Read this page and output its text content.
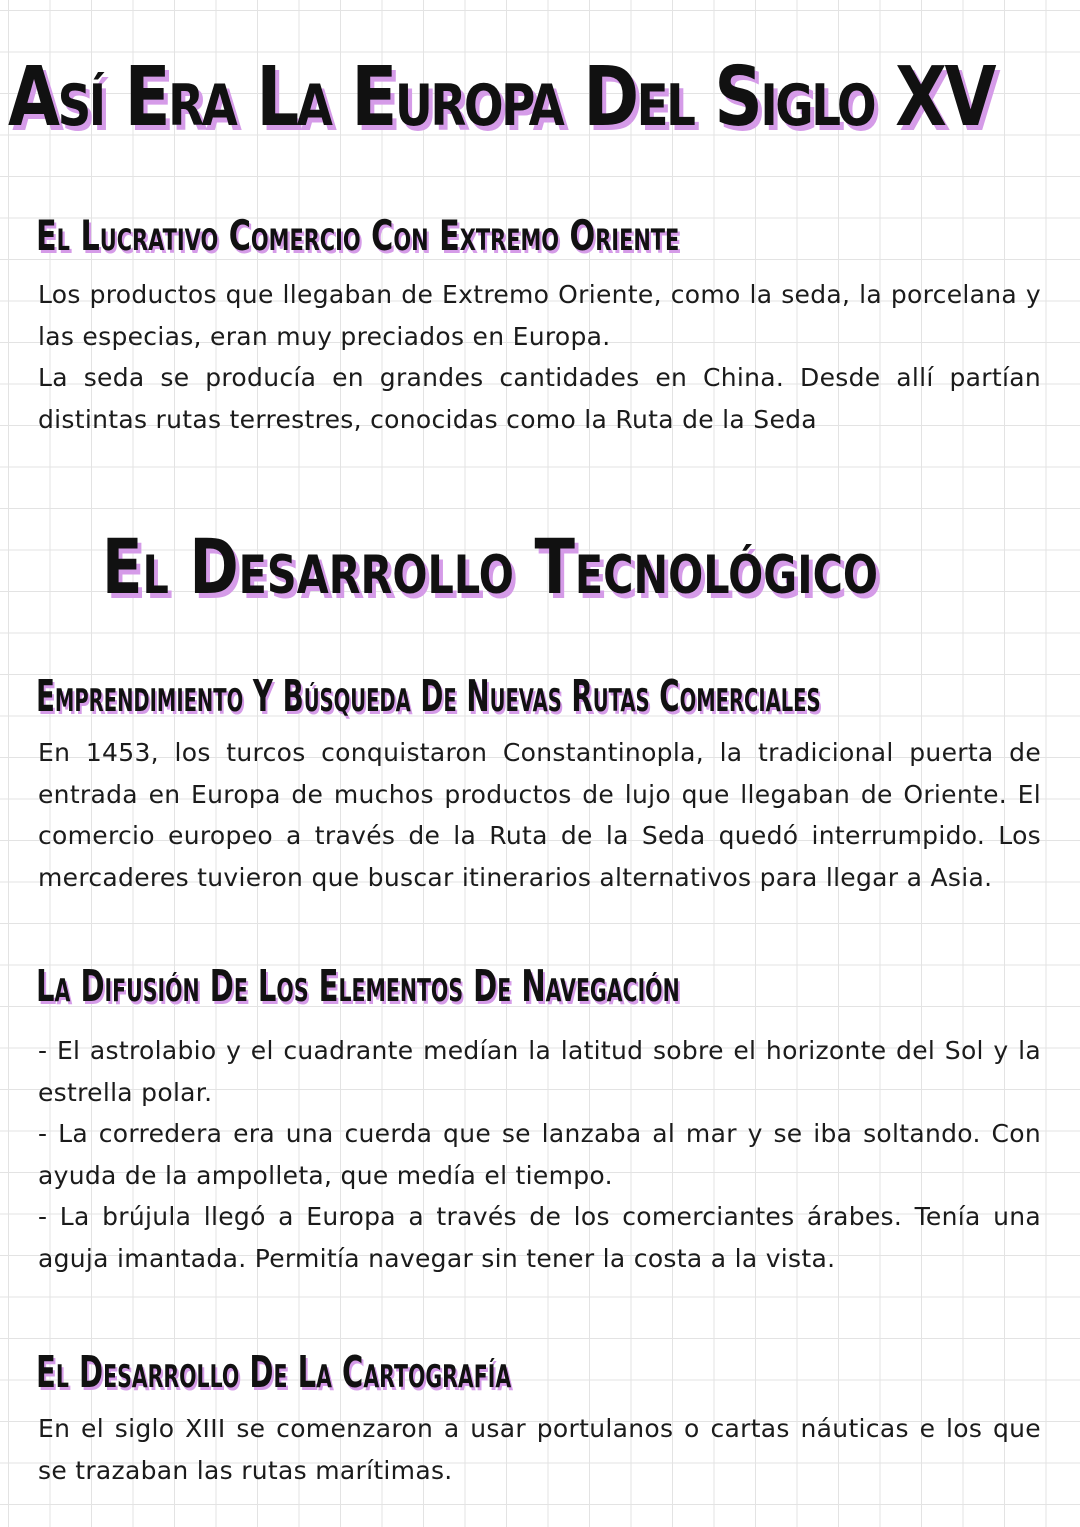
Así Era La Europa Del Siglo XV
El Lucrativo Comercio Con Extremo Oriente

Los productos que llegaban de Extremo Oriente, como la seda, la porcelana y las especias, eran muy preciados en Europa.

La seda se producía en grandes cantidades en China. Desde allí partían distintas rutas terrestres, conocidas como la Ruta de la Seda

El Desarrollo Tecnológico
Emprendimiento Y Búsqueda De Nuevas Rutas Comerciales

En 1453, los turcos conquistaron Constantinopla, la tradicional puerta de entrada en Europa de muchos productos de lujo que llegaban de Oriente. El comercio europeo a través de la Ruta de la Seda quedó interrumpido. Los mercaderes tuvieron que buscar itinerarios alternativos para llegar a Asia.

La Difusión De Los Elementos De Navegación

- El astrolabio y el cuadrante medían la latitud sobre el horizonte del Sol y la estrella polar.

- La corredera era una cuerda que se lanzaba al mar y se iba soltando. Con ayuda de la ampolleta, que medía el tiempo.

- La brújula llegó a Europa a través de los comerciantes árabes. Tenía una aguja imantada. Permitía navegar sin tener la costa a la vista.

El Desarrollo De La Cartografía

En el siglo XIII se comenzaron a usar portulanos o cartas náuticas e los que se trazaban las rutas marítimas.
